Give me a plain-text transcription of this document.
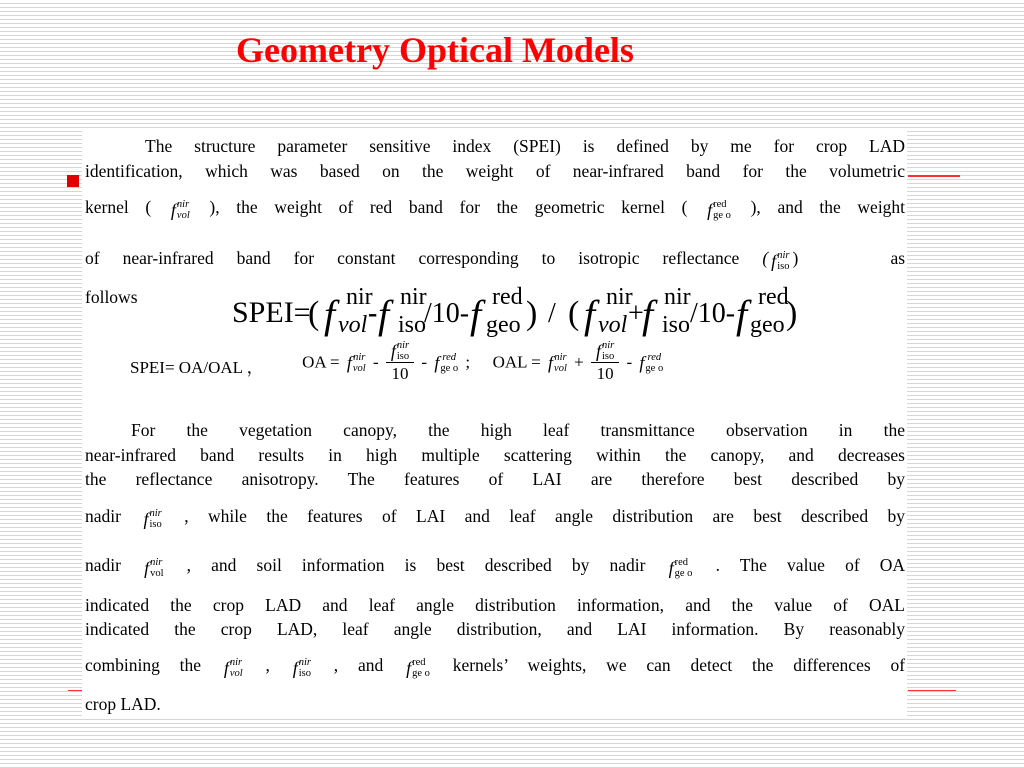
Geometry Optical Models
The structure parameter sensitive index (SPEI) is defined by me for crop LAD
identification, which was based on the weight of near-infrared band for the volumetric
kernel ( f nir
vol ), the weight of red band for the geometric kernel ( f red
ge o ), and the weight
of near-infrared band for constant corresponding to isotropic reflectance ( f nir
iso )    as
follows	SPEI=
( f nir
vol - f nir
iso
/10- f red
geo ) / ( f nir
vol +
f nir
iso /10- f red
geo )
SPEI= OA/OAL ， OA = f nir
vol - f nir
iso
10 - f red
ge o ; OAL = f nir
vol + f nir
iso
10 - f red
ge o
For the vegetation canopy, the high leaf transmittance observation in the
near-infrared band results in high multiple scattering within the canopy, and decreases
the reflectance anisotropy. The features of LAI are therefore best described by
nadir f nir
iso , while the features of LAI and leaf angle distribution are best described by
nadir f nir
vol , and soil information is best described by nadir f red
ge o . The value of OA
indicated the crop LAD and leaf angle distribution information, and the value of OAL
indicated the crop LAD, leaf angle distribution, and LAI information. By reasonably
combining the f nir
vol , f nir
iso , and f red
ge o kernels’ weights, we can detect the differences of
crop LAD.
